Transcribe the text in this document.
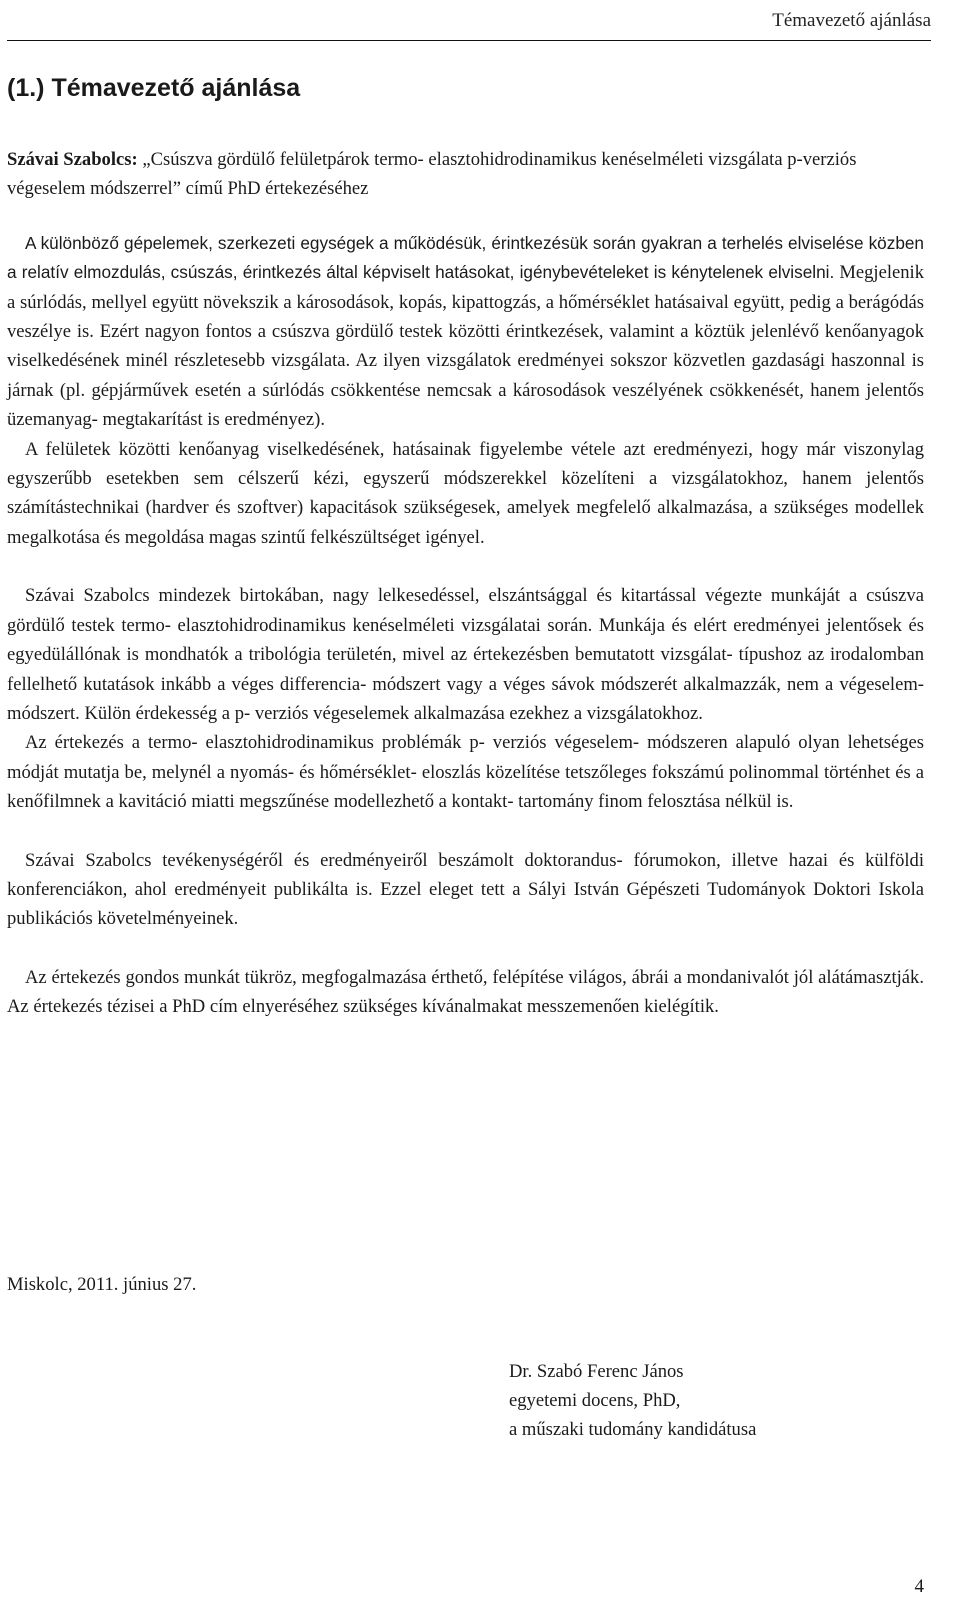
Témavezető ajánlása
(1.) Témavezető ajánlása

Szávai Szabolcs: „Csúszva gördülő felületpárok termo- elasztohidrodinamikus kenéselméleti vizsgálata p-verziós végeselem módszerrel” című PhD értekezéséhez

A különböző gépelemek, szerkezeti egységek a működésük, érintkezésük során gyakran a terhelés elviselése közben a relatív elmozdulás, csúszás, érintkezés által képviselt hatásokat, igénybevételeket is kénytelenek elviselni. Megjelenik a súrlódás, mellyel együtt növekszik a károsodások, kopás, kipattogzás, a hőmérséklet hatásaival együtt, pedig a berágódás veszélye is. Ezért nagyon fontos a csúszva gördülő testek közötti érintkezések, valamint a köztük jelenlévő kenőanyagok viselkedésének minél részletesebb vizsgálata. Az ilyen vizsgálatok eredményei sokszor közvetlen gazdasági haszonnal is járnak (pl. gépjárművek esetén a súrlódás csökkentése nemcsak a károsodások veszélyének csökkenését, hanem jelentős üzemanyag- megtakarítást is eredményez).

A felületek közötti kenőanyag viselkedésének, hatásainak figyelembe vétele azt eredményezi, hogy már viszonylag egyszerűbb esetekben sem célszerű kézi, egyszerű módszerekkel közelíteni a vizsgálatokhoz, hanem jelentős számítástechnikai (hardver és szoftver) kapacitások szükségesek, amelyek megfelelő alkalmazása, a szükséges modellek megalkotása és megoldása magas szintű felkészültséget igényel.

Szávai Szabolcs mindezek birtokában, nagy lelkesedéssel, elszántsággal és kitartással végezte munkáját a csúszva gördülő testek termo- elasztohidrodinamikus kenéselméleti vizsgálatai során. Munkája és elért eredményei jelentősek és egyedülállónak is mondhatók a tribológia területén, mivel az értekezésben bemutatott vizsgálat- típushoz az irodalomban fellelhető kutatások inkább a véges differencia- módszert vagy a véges sávok módszerét alkalmazzák, nem a végeselem- módszert. Külön érdekesség a p- verziós végeselemek alkalmazása ezekhez a vizsgálatokhoz.

Az értekezés a termo- elasztohidrodinamikus problémák p- verziós végeselem- módszeren alapuló olyan lehetséges módját mutatja be, melynél a nyomás- és hőmérséklet- eloszlás közelítése tetszőleges fokszámú polinommal történhet és a kenőfilmnek a kavitáció miatti megszűnése modellezhető a kontakt- tartomány finom felosztása nélkül is.

Szávai Szabolcs tevékenységéről és eredményeiről beszámolt doktorandus- fórumokon, illetve hazai és külföldi konferenciákon, ahol eredményeit publikálta is. Ezzel eleget tett a Sályi István Gépészeti Tudományok Doktori Iskola publikációs követelményeinek.

Az értekezés gondos munkát tükröz, megfogalmazása érthető, felépítése világos, ábrái a mondanivalót jól alátámasztják. Az értekezés tézisei a PhD cím elnyeréséhez szükséges kívánalmakat messzemenően kielégítik.

Miskolc, 2011. június 27.
Dr. Szabó Ferenc János
egyetemi docens, PhD,
a műszaki tudomány kandidátusa
4
